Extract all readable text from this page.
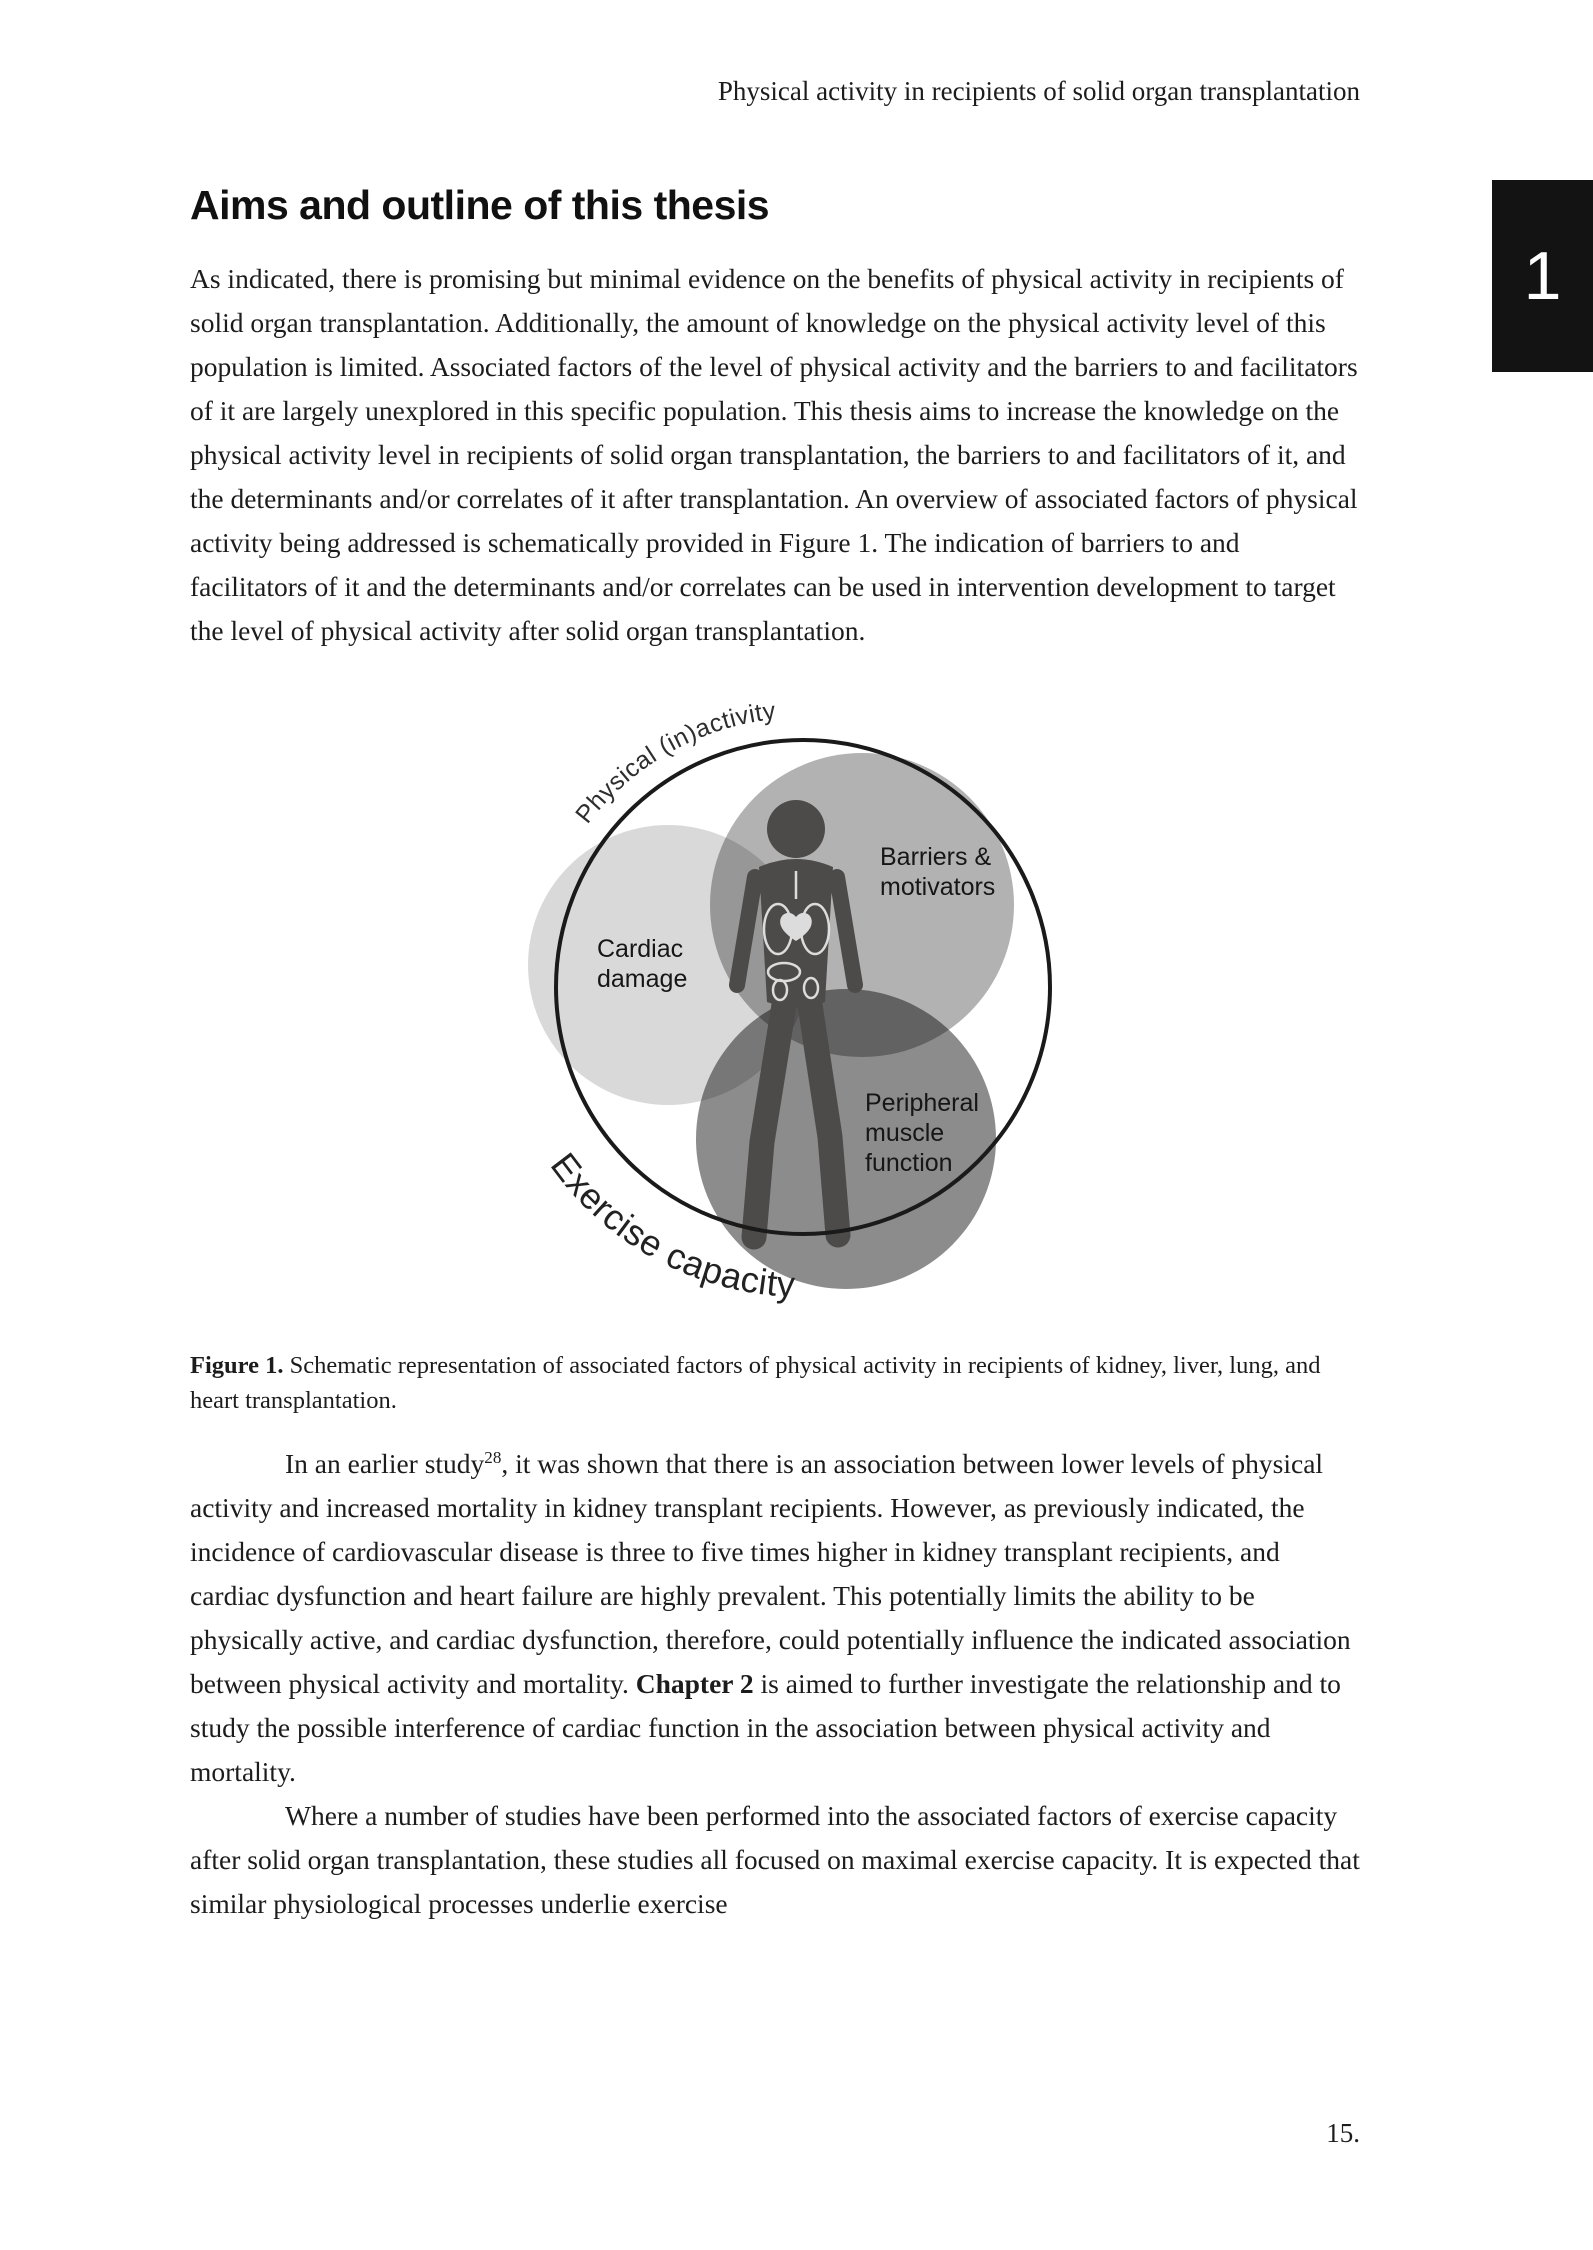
Physical activity in recipients of solid organ transplantation
1
Aims and outline of this thesis

As indicated, there is promising but minimal evidence on the benefits of physical activity in recipients of solid organ transplantation. Additionally, the amount of knowledge on the physical activity level of this population is limited. Associated factors of the level of physical activity and the barriers to and facilitators of it are largely unexplored in this specific population. This thesis aims to increase the knowledge on the physical activity level in recipients of solid organ transplantation, the barriers to and facilitators of it, and the determinants and/or correlates of it after transplantation. An overview of associated factors of physical activity being addressed is schematically provided in Figure 1. The indication of barriers to and facilitators of it and the determinants and/or correlates can be used in intervention development to target the level of physical activity after solid organ transplantation.

Cardiac
damage
Barriers &
motivators
Peripheral
muscle
function
Physical (in)activity
Exercise capacity

Figure 1. Schematic representation of associated factors of physical activity in recipients of kidney, liver, lung, and heart transplantation.

In an earlier study$^{28}$, it was shown that there is an association between lower levels of physical activity and increased mortality in kidney transplant recipients. However, as previously indicated, the incidence of cardiovascular disease is three to five times higher in kidney transplant recipients, and cardiac dysfunction and heart failure are highly prevalent. This potentially limits the ability to be physically active, and cardiac dysfunction, therefore, could potentially influence the indicated association between physical activity and mortality. Chapter 2 is aimed to further investigate the relationship and to study the possible interference of cardiac function in the association between physical activity and mortality.

Where a number of studies have been performed into the associated factors of exercise capacity after solid organ transplantation, these studies all focused on maximal exercise capacity. It is expected that similar physiological processes underlie exercise

15.
